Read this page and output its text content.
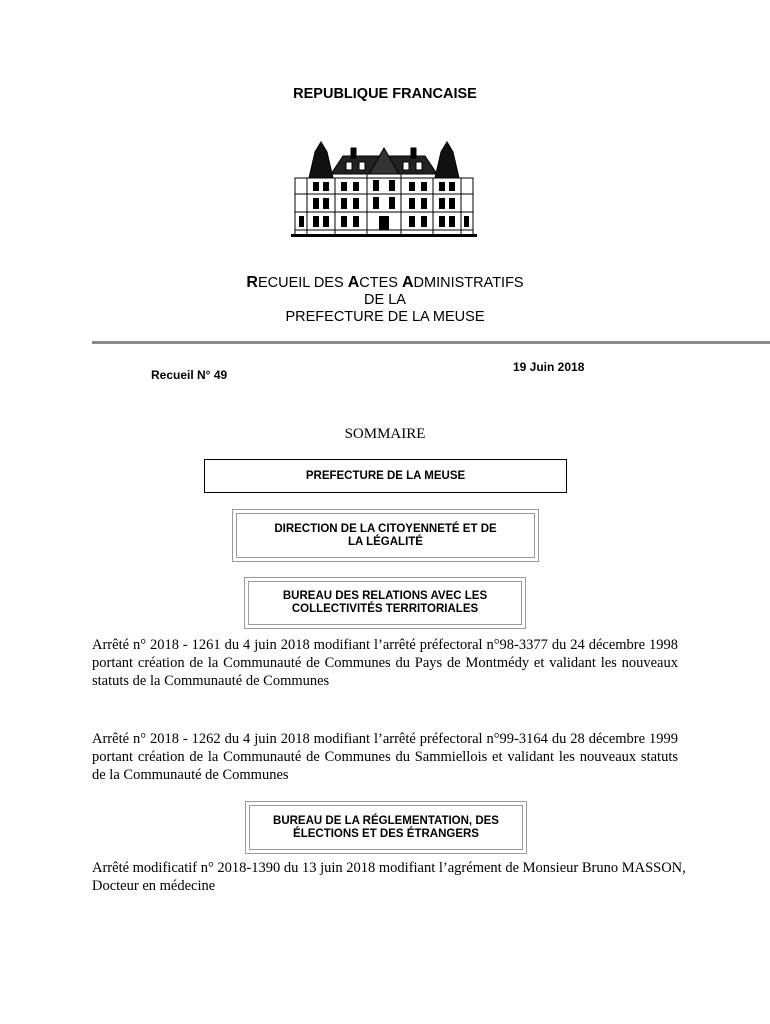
REPUBLIQUE FRANCAISE
RECUEIL DES ACTES ADMINISTRATIFS
DE LA
PREFECTURE DE LA MEUSE
Recueil N° 49
19 Juin 2018
SOMMAIRE
PREFECTURE DE LA MEUSE
DIRECTION DE LA CITOYENNETÉ ET DE LA LÉGALITÉ
BUREAU DES RELATIONS AVEC LES COLLECTIVITÉS TERRITORIALES
Arrêté n° 2018 - 1261 du 4 juin 2018 modifiant l’arrêté préfectoral n°98-3377 du 24 décembre 1998 portant création de la Communauté de Communes du Pays de Montmédy et validant les nouveaux statuts de la Communauté de Communes
Arrêté n° 2018 - 1262 du 4 juin 2018 modifiant l’arrêté préfectoral n°99-3164 du 28 décembre 1999 portant création de la Communauté de Communes du Sammiellois et validant les nouveaux statuts de la Communauté de Communes
BUREAU DE LA RÉGLEMENTATION, DES ÉLECTIONS ET DES ÉTRANGERS
Arrêté modificatif n° 2018-1390 du 13 juin 2018 modifiant l’agrément de Monsieur Bruno MASSON, Docteur en médecine
